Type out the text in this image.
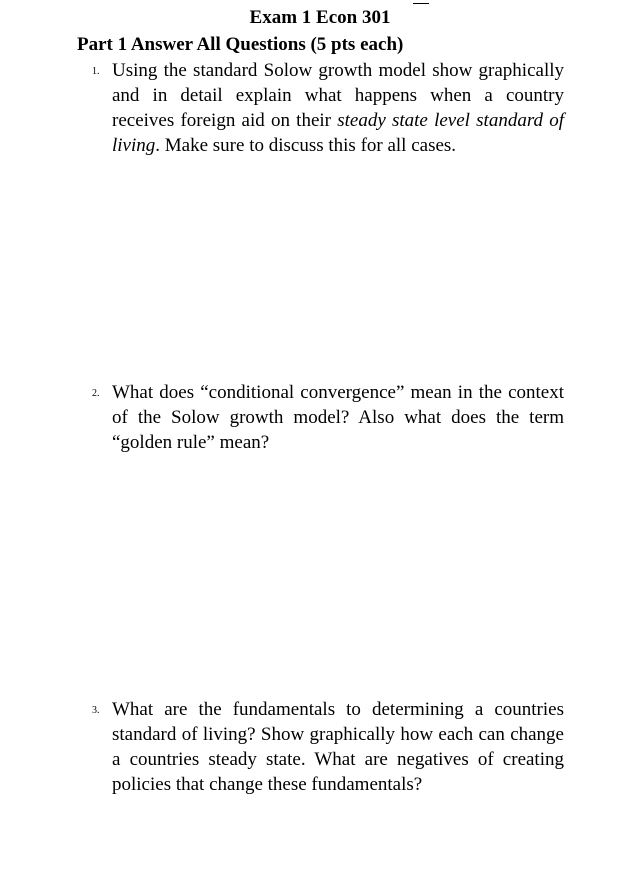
Exam 1 Econ 301
Part 1 Answer All Questions (5 pts each)
1. Using the standard Solow growth model show graphically and in detail explain what happens when a country receives foreign aid on their steady state level standard of living. Make sure to discuss this for all cases.
2. What does “conditional convergence” mean in the context of the Solow growth model? Also what does the term “golden rule” mean?
3. What are the fundamentals to determining a countries standard of living? Show graphically how each can change a countries steady state. What are negatives of creating policies that change these fundamentals?
